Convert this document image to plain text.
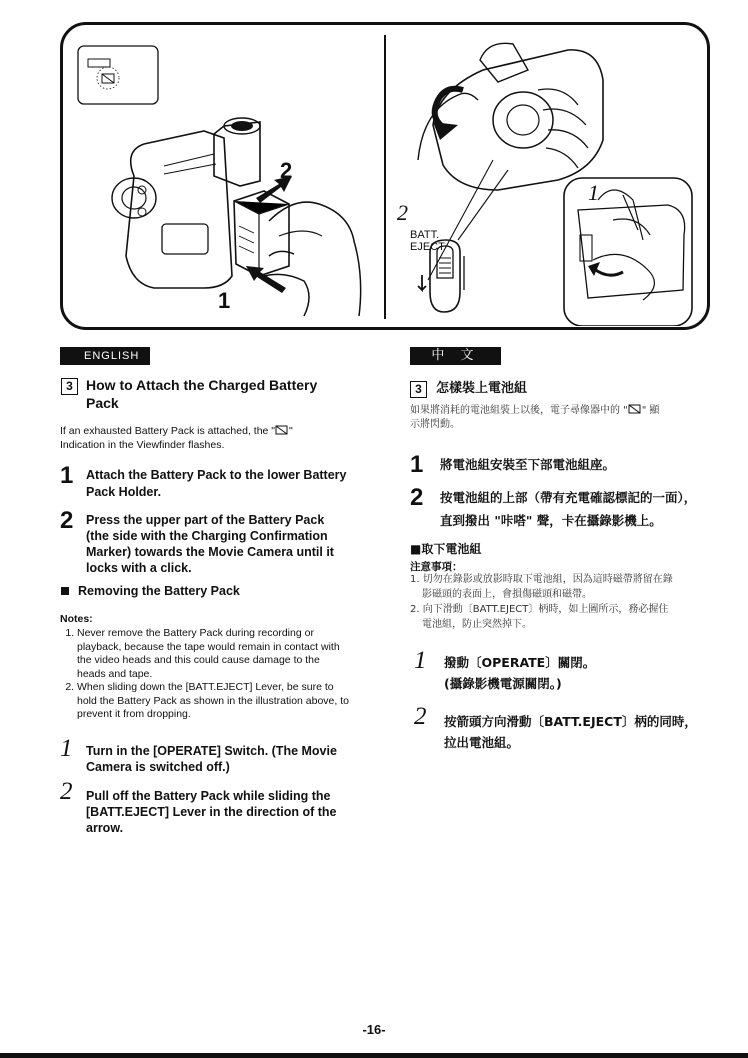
2
1
2
BATT.
EJECT
1
ENGLISH
3 How to Attach the Charged Battery
Pack
If an exhausted Battery Pack is attached, the " "
Indication in the Viewfinder flashes.
1 Attach the Battery Pack to the lower Battery
Pack Holder.
2 Press the upper part of the Battery Pack
(the side with the Charging Confirmation
Marker) towards the Movie Camera until it
locks with a click.
Removing the Battery Pack
Notes:
1. Never remove the Battery Pack during recording or playback, because the tape would remain in contact with the video heads and this could cause damage to the heads and tape.
2. When sliding down the [BATT.EJECT] Lever, be sure to hold the Battery Pack as shown in the illustration above, to prevent it from dropping.
1 Turn in the [OPERATE] Switch. (The Movie
Camera is switched off.)
2 Pull off the Battery Pack while sliding the
[BATT.EJECT] Lever in the direction of the
arrow.
中 文
3	怎樣裝上電池組
如果將消耗的電池組裝上以後，電子尋像器中的 " " 顯
示將閃動。
1 將電池組安裝至下部電池組座。
2 按電池組的上部（帶有充電確認標記的一面），
直到撥出 "咔嗒" 聲，卡在攝錄影機上。
■取下電池組
注意事項：
1. 切勿在錄影或放影時取下電池組，因為這時磁帶將留在錄
影磁頭的表面上，會損傷磁頭和磁帶。
2. 向下滑動〔BATT.EJECT〕柄時，如上圖所示，務必握住
電池組，防止突然掉下。
1 撥動〔OPERATE〕關閉。
(攝錄影機電源關閉。)
2 按箭頭方向滑動〔BATT.EJECT〕柄的同時，
拉出電池組。
-16-
